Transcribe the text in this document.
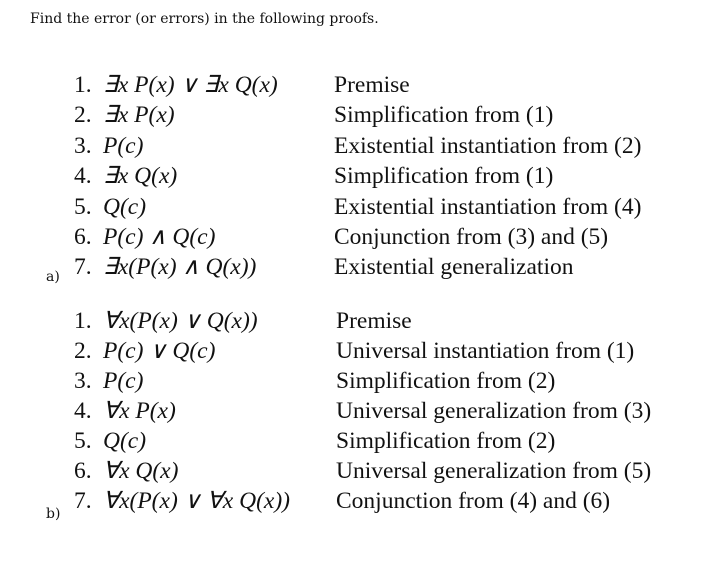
Find the error (or errors) in the following proofs.
1. ∃x P(x) ∨ ∃x Q(x) Premise
2. ∃x P(x)	Simplification from (1)
3. P(c)	Existential instantiation from (2)
4. ∃x Q(x)	Simplification from (1)
5. Q(c)	Existential instantiation from (4)
6. P(c) ∧ Q(c)	Conjunction from (3) and (5)
7. ∃x(P(x) ∧ Q(x))	Existential generalization
a)
1. ∀x(P(x) ∨ Q(x))	Premise
2. P(c) ∨ Q(c)	Universal instantiation from (1)
3. P(c)	Simplification from (2)
4. ∀x P(x)	Universal generalization from (3)
5. Q(c)	Simplification from (2)
6. ∀x Q(x)	Universal generalization from (5)
7. ∀x(P(x) ∨ ∀x Q(x)) Conjunction from (4) and (6)
b)
